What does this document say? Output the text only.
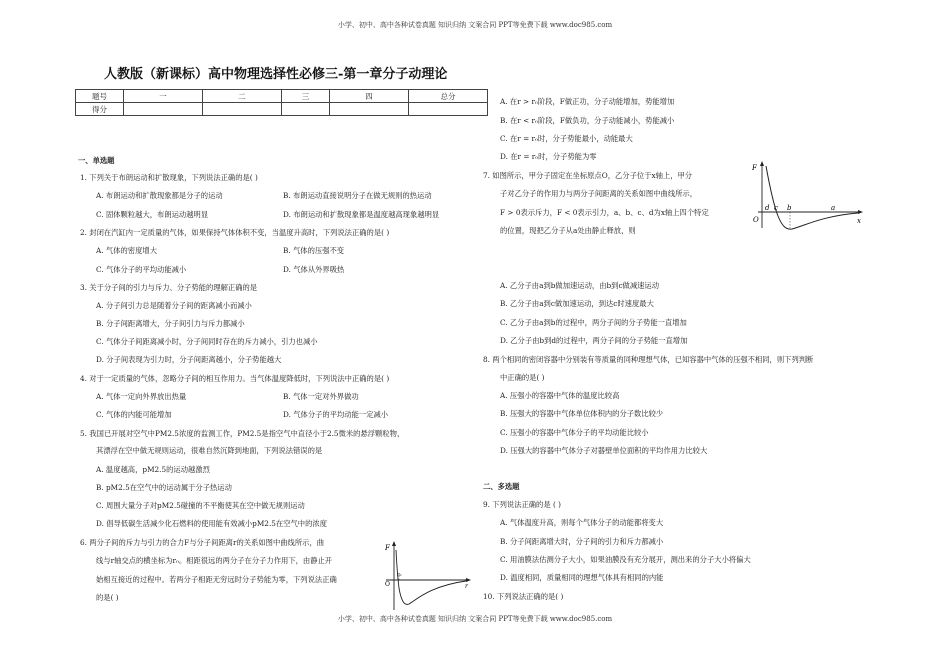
小学、初中、高中各种试卷真题 知识归纳 文案合同 PPT等免费下载 www.doc985.com
人教版（新课标）高中物理选择性必修三-第一章分子动理论
题号	一	二	三	四	总分
得分					
一、单选题
1. 下列关于布朗运动和扩散现象，下列说法正确的是( )
A. 布朗运动和扩散现象都是分子的运动	B. 布朗运动直接说明分子在做无规则的热运动
C. 固体颗粒越大，布朗运动越明显	D. 布朗运动和扩散现象都是温度越高现象越明显
2. 封闭在汽缸内一定质量的气体，如果保持气体体积不变，当温度升高时，下列说法正确的是( )
A. 气体的密度增大	B. 气体的压强不变
C. 气体分子的平均动能减小	D. 气体从外界吸热
3. 关于分子间的引力与斥力、分子势能的理解正确的是
A. 分子间引力总是随着分子间的距离减小而减小
B. 分子间距离增大，分子间引力与斥力都减小
C. 气体分子间距离减小时，分子间同时存在的斥力减小，引力也减小
D. 分子间表现为引力时，分子间距离越小，分子势能越大
4. 对于一定质量的气体，忽略分子间的相互作用力。当气体温度降低时，下列说法中正确的是( )
A. 气体一定向外界放出热量	B. 气体一定对外界做功
C. 气体的内能可能增加	D. 气体分子的平均动能一定减小
5. 我国已开展对空气中PM2.5浓度的监测工作，PM2.5是指空气中直径小于2.5微米的悬浮颗粒物，
其漂浮在空中做无规则运动，很难自然沉降到地面，下列说法错误的是
A. 温度越高，pM2.5的运动越激烈
B. pM2.5在空气中的运动属于分子热运动
C. 周围大量分子对pM2.5碰撞的不平衡使其在空中做无规则运动
D. 倡导低碳生活减少化石燃料的使用能有效减小pM2.5在空气中的浓度
6. 两分子间的斥力与引力的合力F与分子间距离r的关系如图中曲线所示，曲
线与r轴交点的横坐标为r₀。相距很远的两分子在分子力作用下，由静止开
始相互接近的过程中。若两分子相距无穷远时分子势能为零，下列说法正确
的是( )
F
r₀
O	r
A. 在r > r₀阶段，F做正功，分子动能增加，势能增加
B. 在r < r₀阶段，F做负功，分子动能减小，势能减小
C. 在r = r₀时，分子势能最小，动能最大
D. 在r = r₀时，分子势能为零
7. 如图所示，甲分子固定在坐标原点O，乙分子位于x轴上，甲分
子对乙分子的作用力与两分子间距离的关系如图中曲线所示，
F > 0表示斥力，F < 0表示引力，a、b、c、d为x轴上四个特定
的位置，现把乙分子从a处由静止释放，则
F
O
d c b	a
x
A. 乙分子由a到b做加速运动，由b到c做减速运动
B. 乙分子由a到c做加速运动，到达c时速度最大
C. 乙分子由a到b的过程中，两分子间的分子势能一直增加
D. 乙分子由b到d的过程中，两分子间的分子势能一直增加
8. 两个相同的密闭容器中分别装有等质量的同种理想气体，已知容器中气体的压强不相同，则下列判断
中正确的是( )
A. 压强小的容器中气体的温度比较高
B. 压强大的容器中气体单位体积内的分子数比较少
C. 压强小的容器中气体分子的平均动能比较小
D. 压强大的容器中气体分子对器壁单位面积的平均作用力比较大
二、多选题
9. 下列说法正确的是 ( )
A. 气体温度升高，则每个气体分子的动能都将变大
B. 分子间距离增大时，分子间的引力和斥力都减小
C. 用油膜法估测分子大小，如果油膜没有充分展开，测出来的分子大小将偏大
D. 温度相同，质量相同的理想气体具有相同的内能
10. 下列说法正确的是( )
小学、初中、高中各种试卷真题 知识归纳 文案合同 PPT等免费下载 www.doc985.com
